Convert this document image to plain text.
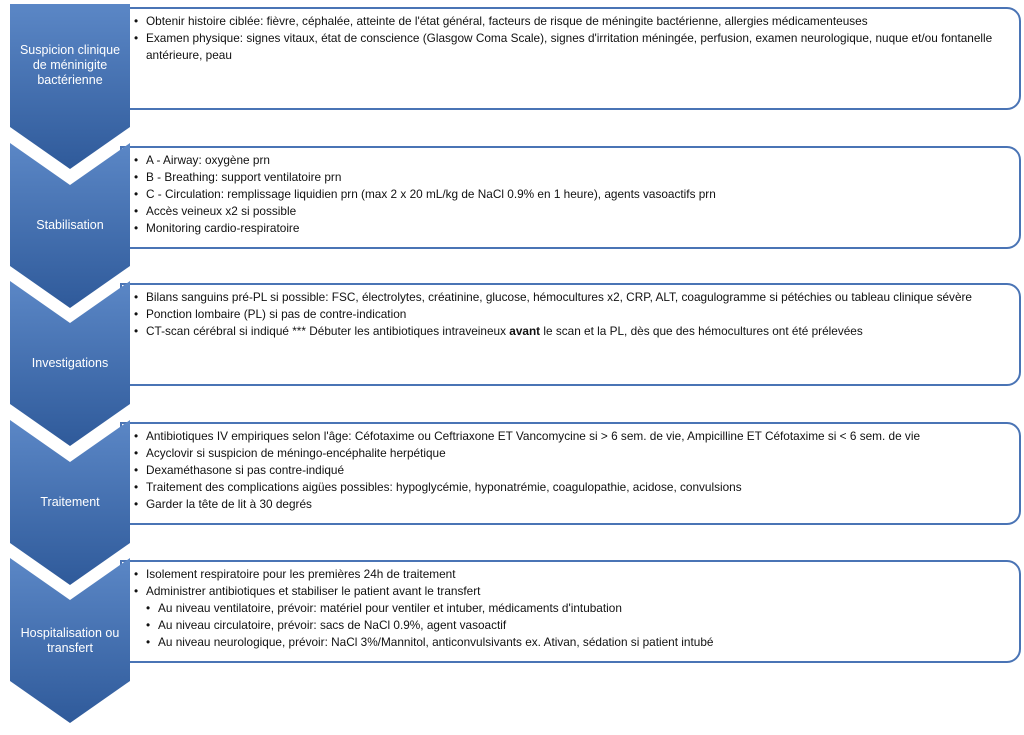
• Obtenir histoire ciblée: fièvre, céphalée, atteinte de l'état général, facteurs de risque de méningite bactérienne, allergies médicamenteuses
• Examen physique: signes vitaux, état de conscience (Glasgow Coma Scale), signes d'irritation méningée, perfusion, examen neurologique, nuque et/ou fontanelle antérieure, peau
Suspicion clinique de méninigite bactérienne
• A - Airway: oxygène prn
• B - Breathing: support ventilatoire prn
• C - Circulation: remplissage liquidien prn (max 2 x 20 mL/kg de NaCl 0.9% en 1 heure), agents vasoactifs prn
• Accès veineux x2 si possible
• Monitoring cardio-respiratoire
Stabilisation
• Bilans sanguins pré-PL si possible: FSC, électrolytes, créatinine, glucose, hémocultures x2, CRP, ALT, coagulogramme si pétéchies ou tableau clinique sévère
• Ponction lombaire (PL) si pas de contre-indication
• CT-scan cérébral si indiqué *** Débuter les antibiotiques intraveineux avant le scan et la PL, dès que des hémocultures ont été prélevées
Investigations
• Antibiotiques IV empiriques selon l'âge: Céfotaxime ou Ceftriaxone ET Vancomycine si > 6 sem. de vie, Ampicilline ET Céfotaxime si < 6 sem. de vie
• Acyclovir si suspicion de méningo-encéphalite herpétique
• Dexaméthasone si pas contre-indiqué
• Traitement des complications aigües possibles: hypoglycémie, hyponatrémie, coagulopathie, acidose, convulsions
• Garder la tête de lit à 30 degrés
Traitement
• Isolement respiratoire pour les premières 24h de traitement
• Administrer antibiotiques et stabiliser le patient avant le transfert
• Au niveau ventilatoire, prévoir: matériel pour ventiler et intuber, médicaments d'intubation
• Au niveau circulatoire, prévoir: sacs de NaCl 0.9%, agent vasoactif
• Au niveau neurologique, prévoir: NaCl 3%/Mannitol, anticonvulsivants ex. Ativan, sédation si patient intubé
Hospitalisation ou transfert
